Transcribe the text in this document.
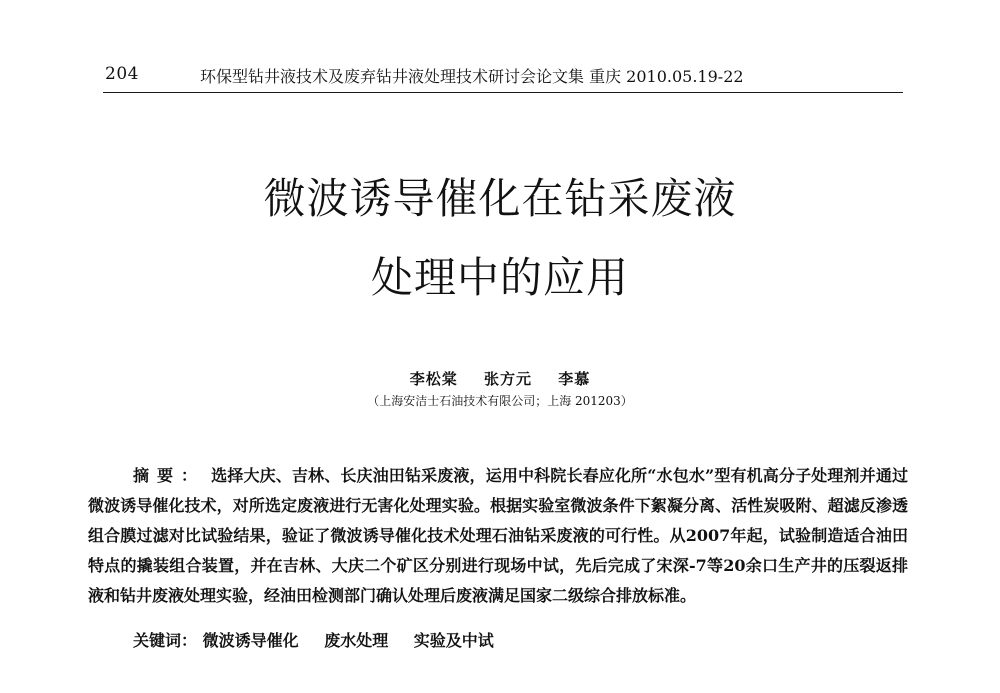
204	环保型钻井液技术及废弃钻井液处理技术研讨会论文集 重庆 2010.05.19-22
微波诱导催化在钻采废液
处理中的应用
李松棠 张方元 李慕
（上海安洁士石油技术有限公司；上海 201203）
摘要： 选择大庆、吉林、长庆油田钻采废液，运用中科院长春应化所“水包水”型有机高分子处理剂并通过微波诱导催化技术，对所选定废液进行无害化处理实验。根据实验室微波条件下絮凝分离、活性炭吸附、超滤反渗透组合膜过滤对比试验结果，验证了微波诱导催化技术处理石油钻采废液的可行性。从2007年起，试验制造适合油田特点的撬装组合装置，并在吉林、大庆二个矿区分别进行现场中试，先后完成了宋深-7等20余口生产井的压裂返排液和钻井废液处理实验，经油田检测部门确认处理后废液满足国家二级综合排放标准。
关键词： 微波诱导催化 废水处理 实验及中试
